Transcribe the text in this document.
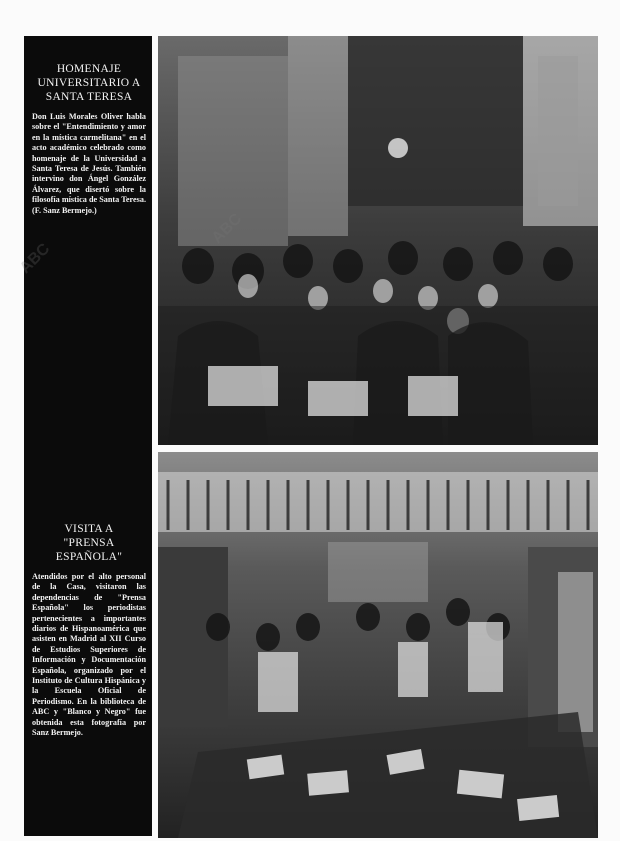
HOMENAJE
UNIVERSITARIO A
SANTA TERESA

Don Luis Morales Oliver habla sobre el "Entendimiento y amor en la mística carmelitana" en el acto académico celebrado como homenaje de la Universidad a Santa Teresa de Jesús. También intervino don Ángel González Álvarez, que disertó sobre la filosofía mística de Santa Teresa. (F. Sanz Bermejo.)

VISITA A
"PRENSA
ESPAÑOLA"

Atendidos por el alto personal de la Casa, visitaron las dependencias de "Prensa Española" los periodistas pertenecientes a importantes diarios de Hispanoamérica que asisten en Madrid al XII Curso de Estudios Superiores de Información y Documentación Española, organizado por el Instituto de Cultura Hispánica y la Escuela Oficial de Periodismo. En la biblioteca de ABC y "Blanco y Negro" fue obtenida esta fotografía por Sanz Bermejo.

ABC
ABC
